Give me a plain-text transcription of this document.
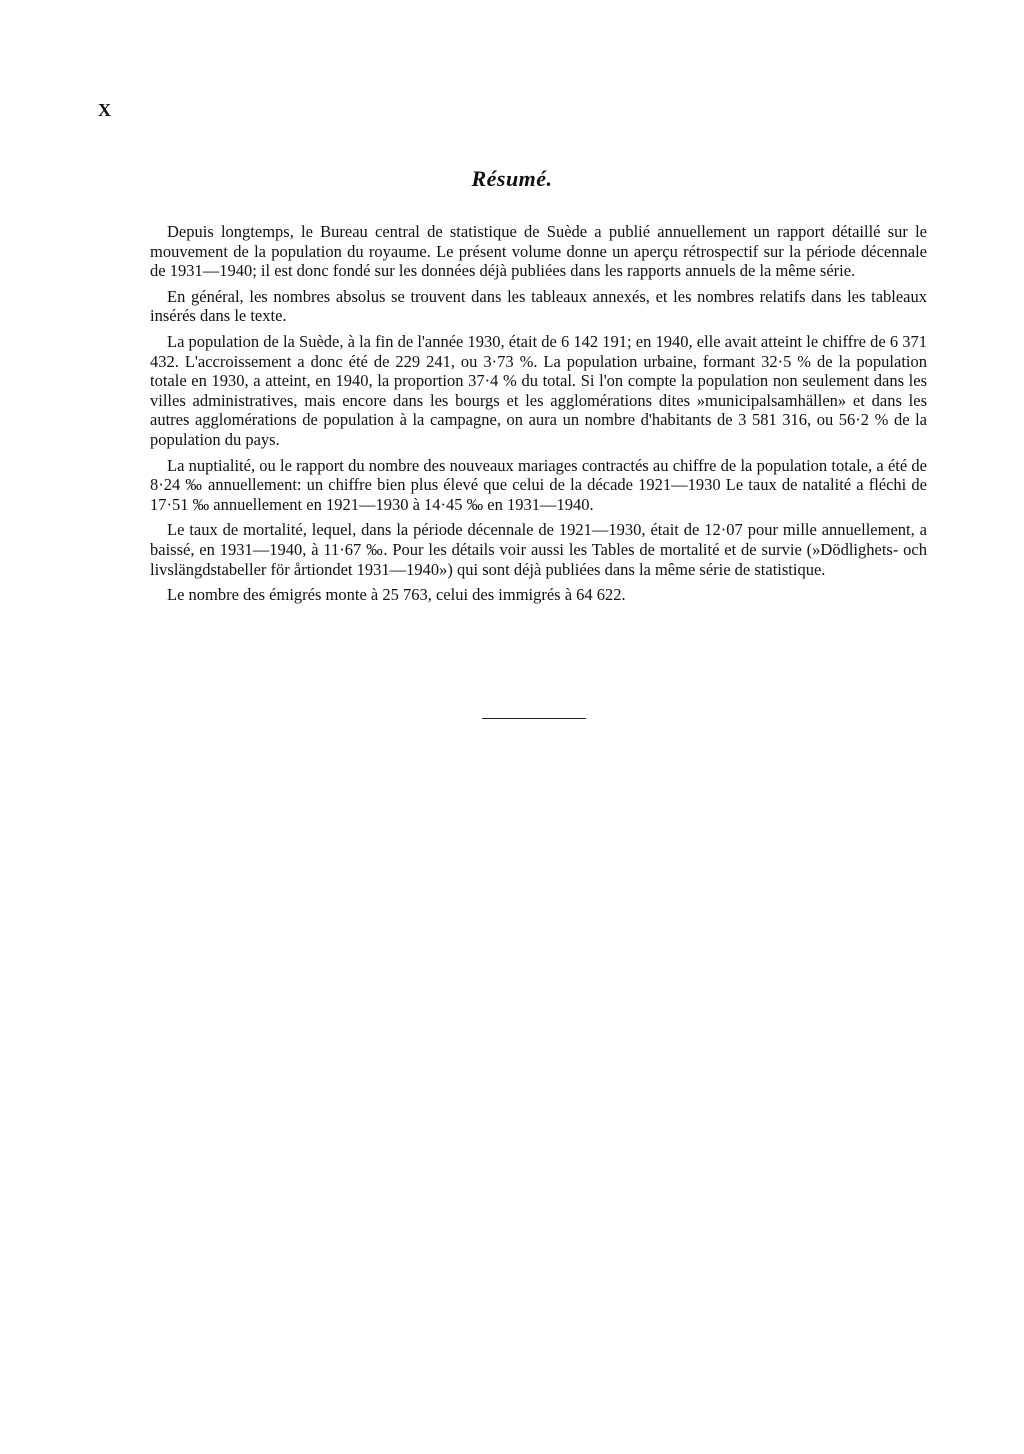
X
Résumé.

Depuis longtemps, le Bureau central de statistique de Suède a publié annuellement un rapport détaillé sur le mouvement de la population du royaume. Le présent volume donne un aperçu rétrospectif sur la période décennale de 1931—1940; il est donc fondé sur les données déjà publiées dans les rapports annuels de la même série.

En général, les nombres absolus se trouvent dans les tableaux annexés, et les nombres relatifs dans les tableaux insérés dans le texte.

La population de la Suède, à la fin de l'année 1930, était de 6 142 191; en 1940, elle avait atteint le chiffre de 6 371 432. L'accroissement a donc été de 229 241, ou 3·73 %. La population urbaine, formant 32·5 % de la population totale en 1930, a atteint, en 1940, la proportion 37·4 % du total. Si l'on compte la population non seulement dans les villes administratives, mais encore dans les bourgs et les agglomérations dites »municipalsamhällen» et dans les autres agglomérations de population à la campagne, on aura un nombre d'habitants de 3 581 316, ou 56·2 % de la population du pays.

La nuptialité, ou le rapport du nombre des nouveaux mariages contractés au chiffre de la population totale, a été de 8·24 ‰ annuellement: un chiffre bien plus élevé que celui de la décade 1921—1930 Le taux de natalité a fléchi de 17·51 ‰ annuellement en 1921—1930 à 14·45 ‰ en 1931—1940.

Le taux de mortalité, lequel, dans la période décennale de 1921—1930, était de 12·07 pour mille annuellement, a baissé, en 1931—1940, à 11·67 ‰. Pour les détails voir aussi les Tables de mortalité et de survie (»Dödlighets- och livslängdstabeller för årtiondet 1931—1940») qui sont déjà publiées dans la même série de statistique.

Le nombre des émigrés monte à 25 763, celui des immigrés à 64 622.
